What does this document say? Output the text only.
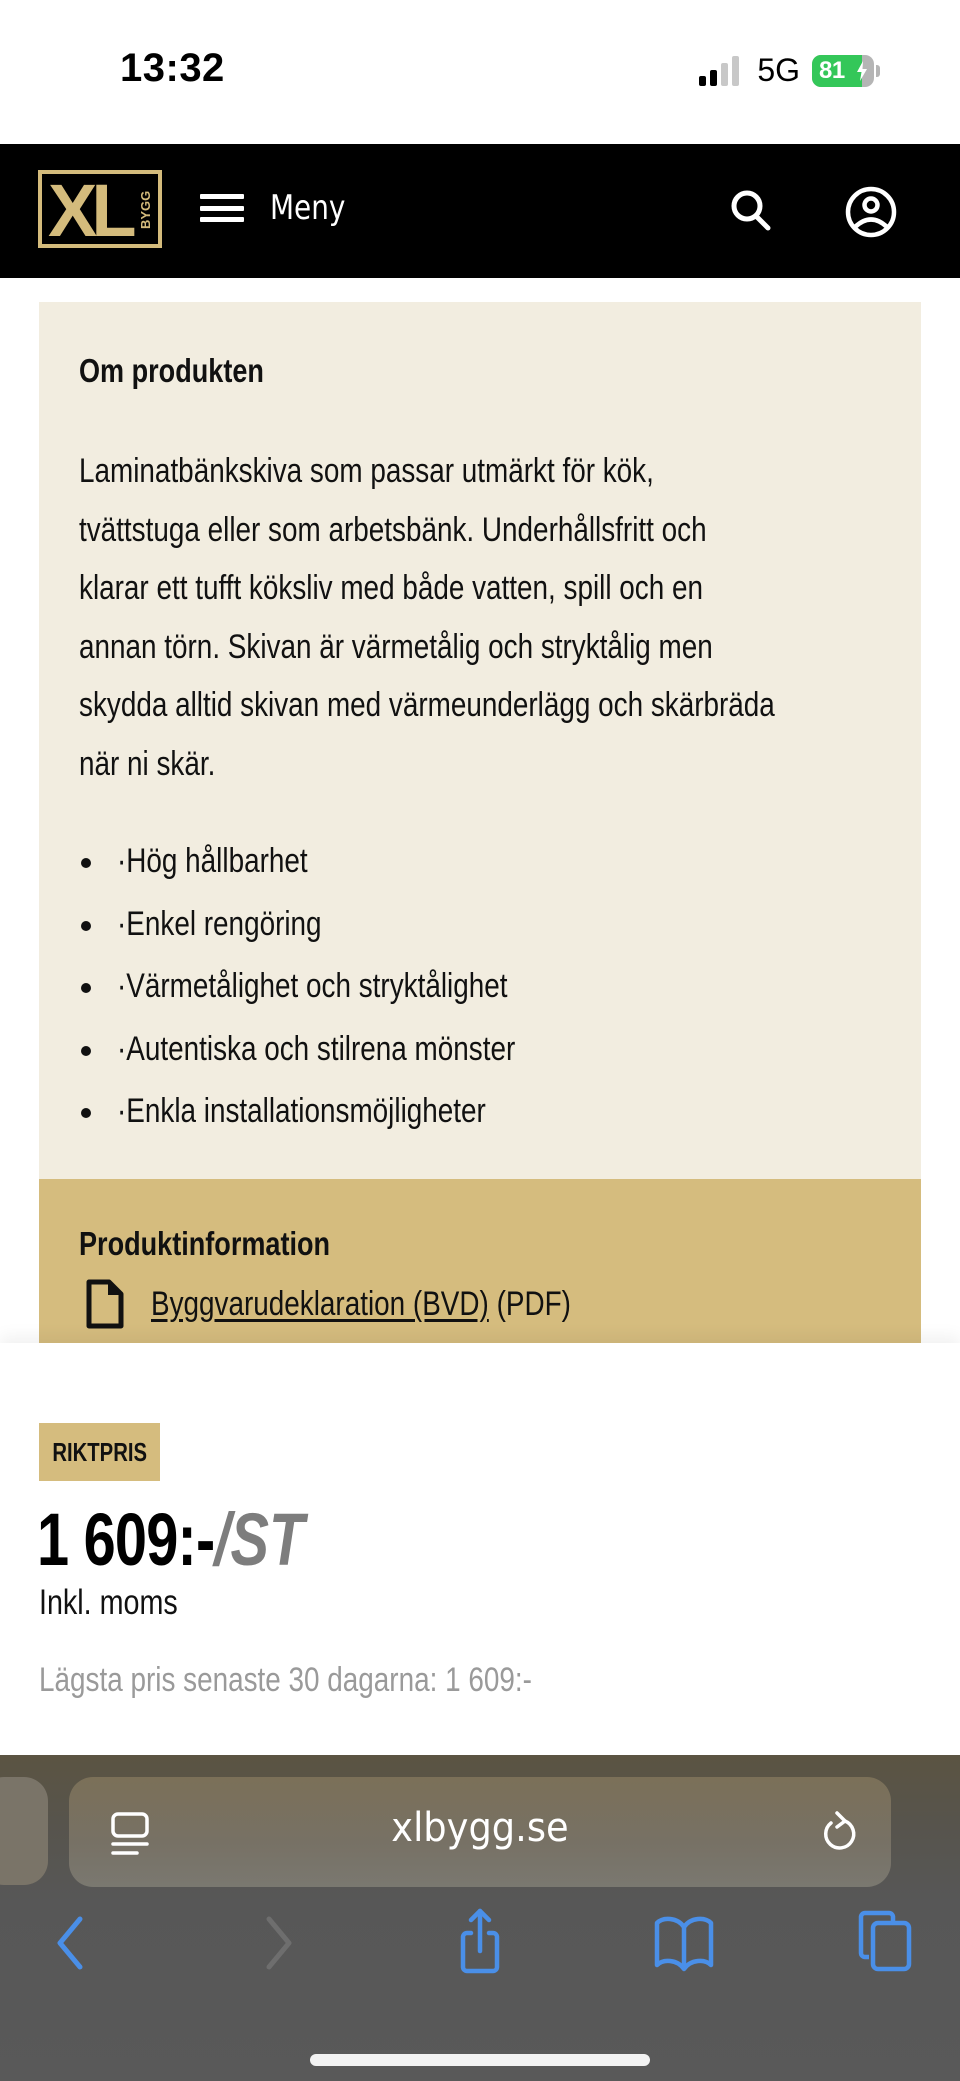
13:32	5G 81
XL BYGG	Meny
Om produkten
Laminatbänkskiva som passar utmärkt för kök,
tvättstuga eller som arbetsbänk. Underhållsfritt och
klarar ett tufft köksliv med både vatten, spill och en
annan törn. Skivan är värmetålig och stryktålig men
skydda alltid skivan med värmeunderlägg och skärbräda
när ni skär.
·Hög hållbarhet
·Enkel rengöring
·Värmetålighet och stryktålighet
·Autentiska och stilrena mönster
·Enkla installationsmöjligheter
Produktinformation
Byggvarudeklaration (BVD) (PDF)
RIKTPRIS
1 609:-/ST
Inkl. moms
Lägsta pris senaste 30 dagarna: 1 609:-
xlbygg.se
